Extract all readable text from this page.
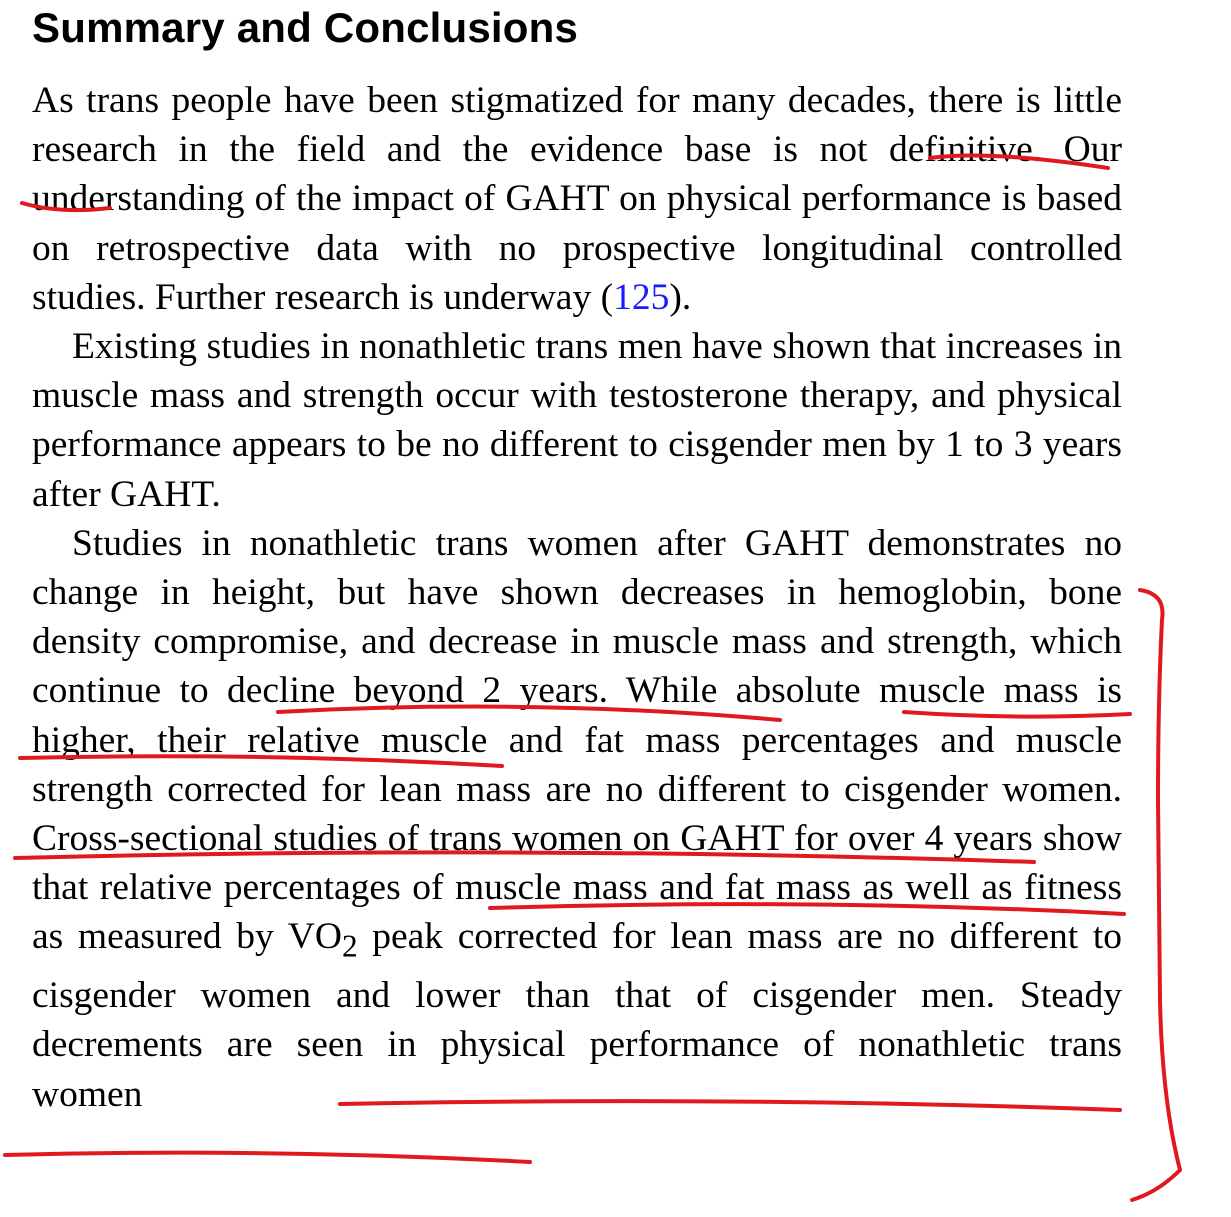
Summary and Conclusions

As trans people have been stigmatized for many decades, there is little research in the field and the evidence base is not definitive. Our understanding of the impact of GAHT on physical performance is based on retrospective data with no prospective longitudinal controlled studies. Further research is underway (125).

Existing studies in nonathletic trans men have shown that increases in muscle mass and strength occur with testosterone therapy, and physical performance appears to be no different to cisgender men by 1 to 3 years after GAHT.

Studies in nonathletic trans women after GAHT demonstrates no change in height, but have shown decreases in hemoglobin, bone density compromise, and decrease in muscle mass and strength, which continue to decline beyond 2 years. While absolute muscle mass is higher, their relative muscle and fat mass percentages and muscle strength corrected for lean mass are no different to cisgender women. Cross-sectional studies of trans women on GAHT for over 4 years show that relative percentages of muscle mass and fat mass as well as fitness as measured by $VO_2$ peak corrected for lean mass are no different to cisgender women and lower than that of cisgender men. Steady decrements are seen in physical performance of nonathletic trans women
